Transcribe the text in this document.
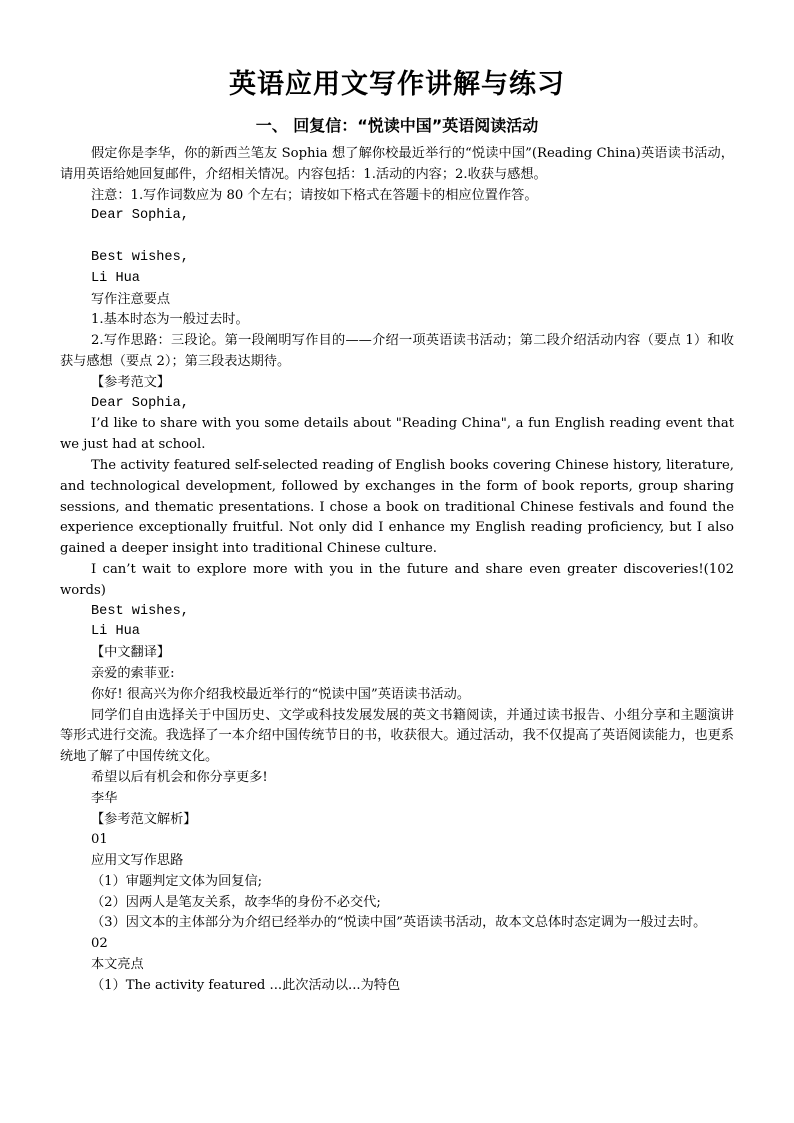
英语应用文写作讲解与练习
一、 回复信：“悦读中国”英语阅读活动

假定你是李华，你的新西兰笔友 Sophia 想了解你校最近举行的“悦读中国”(Reading China)英语读书活动，请用英语给她回复邮件，介绍相关情况。内容包括：1.活动的内容；2.收获与感想。

注意：1.写作词数应为 80 个左右；请按如下格式在答题卡的相应位置作答。

Dear Sophia,

Best wishes,

Li Hua

写作注意要点

1.基本时态为一般过去时。

2.写作思路：三段论。第一段阐明写作目的——介绍一项英语读书活动；第二段介绍活动内容（要点 1）和收获与感想（要点 2）；第三段表达期待。

【参考范文】

Dear Sophia,

I’d like to share with you some details about "Reading China", a fun English reading event that we just had at school.

The activity featured self-selected reading of English books covering Chinese history, literature, and technological development, followed by exchanges in the form of book reports, group sharing sessions, and thematic presentations. I chose a book on traditional Chinese festivals and found the experience exceptionally fruitful. Not only did I enhance my English reading proficiency, but I also gained a deeper insight into traditional Chinese culture.

I can’t wait to explore more with you in the future and share even greater discoveries!(102 words)

Best wishes,

Li Hua

【中文翻译】

亲爱的索菲亚:

你好! 很高兴为你介绍我校最近举行的“悦读中国”英语读书活动。

同学们自由选择关于中国历史、文学或科技发展发展的英文书籍阅读，并通过读书报告、小组分享和主题演讲等形式进行交流。我选择了一本介绍中国传统节日的书，收获很大。通过活动，我不仅提高了英语阅读能力，也更系统地了解了中国传统文化。

希望以后有机会和你分享更多!

李华

【参考范文解析】

01

应用文写作思路

（1）审题判定文体为回复信;

（2）因两人是笔友关系，故李华的身份不必交代;

（3）因文本的主体部分为介绍已经举办的“悦读中国”英语读书活动，故本文总体时态定调为一般过去时。

02

本文亮点

（1）The activity featured ...此次活动以...为特色
